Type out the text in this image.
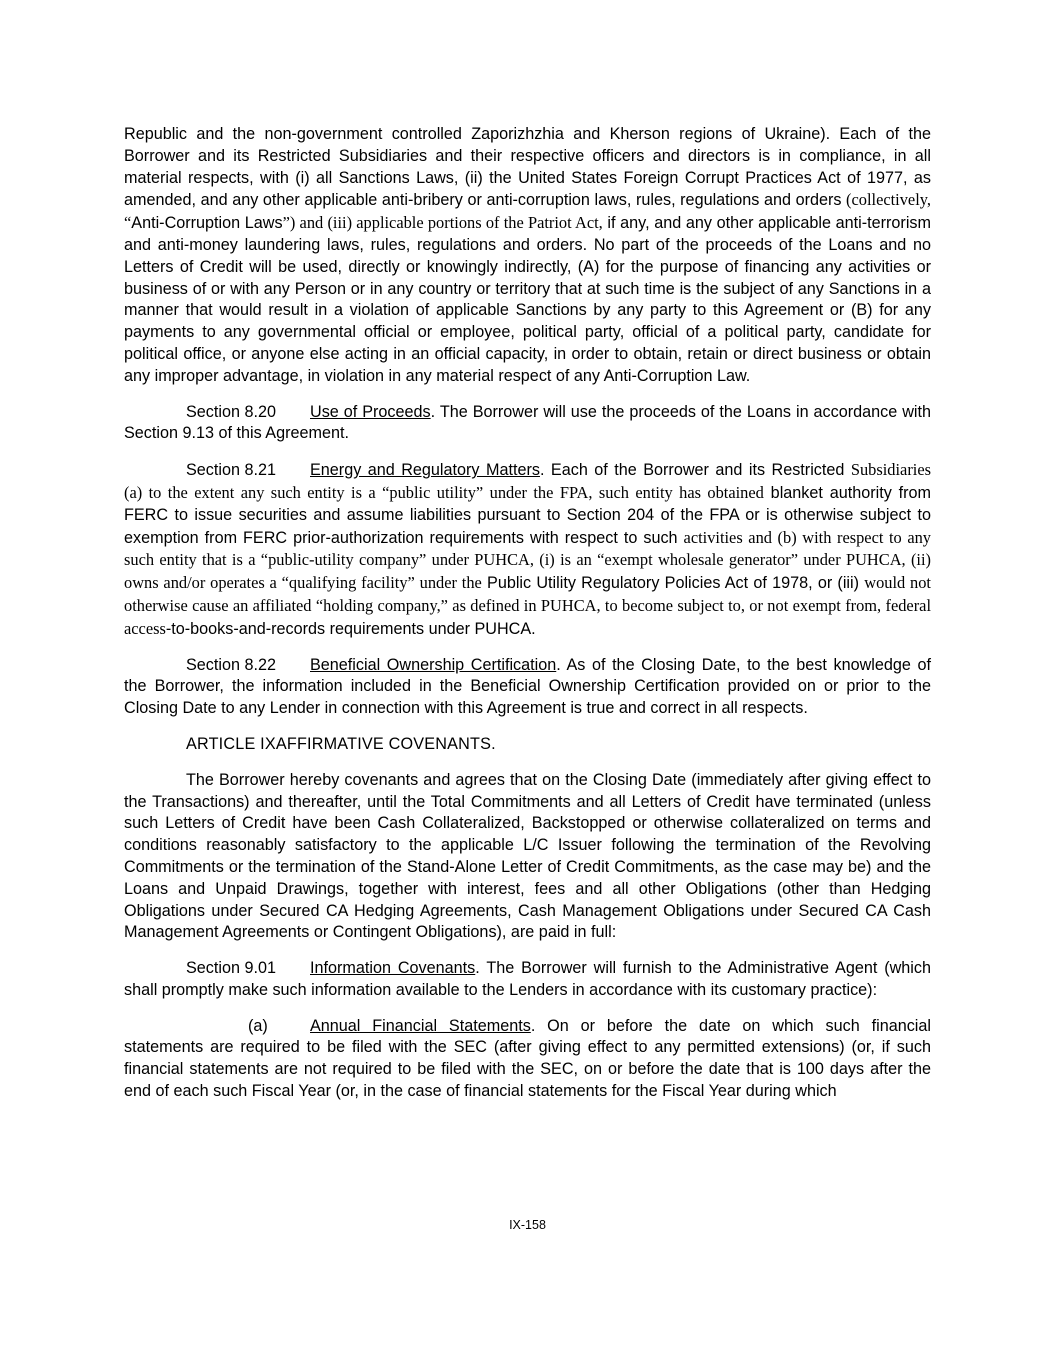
Republic and the non-government controlled Zaporizhzhia and Kherson regions of Ukraine). Each of the Borrower and its Restricted Subsidiaries and their respective officers and directors is in compliance, in all material respects, with (i) all Sanctions Laws, (ii) the United States Foreign Corrupt Practices Act of 1977, as amended, and any other applicable anti-bribery or anti-corruption laws, rules, regulations and orders (collectively, “Anti-Corruption Laws”) and (iii) applicable portions of the Patriot Act, if any, and any other applicable anti-terrorism and anti-money laundering laws, rules, regulations and orders. No part of the proceeds of the Loans and no Letters of Credit will be used, directly or knowingly indirectly, (A) for the purpose of financing any activities or business of or with any Person or in any country or territory that at such time is the subject of any Sanctions in a manner that would result in a violation of applicable Sanctions by any party to this Agreement or (B) for any payments to any governmental official or employee, political party, official of a political party, candidate for political office, or anyone else acting in an official capacity, in order to obtain, retain or direct business or obtain any improper advantage, in violation in any material respect of any Anti-Corruption Law.

Section 8.20 Use of Proceeds. The Borrower will use the proceeds of the Loans in accordance with Section 9.13 of this Agreement.

Section 8.21 Energy and Regulatory Matters. Each of the Borrower and its Restricted Subsidiaries (a) to the extent any such entity is a “public utility” under the FPA, such entity has obtained blanket authority from FERC to issue securities and assume liabilities pursuant to Section 204 of the FPA or is otherwise subject to exemption from FERC prior-authorization requirements with respect to such activities and (b) with respect to any such entity that is a “public-utility company” under PUHCA, (i) is an “exempt wholesale generator” under PUHCA, (ii) owns and/or operates a “qualifying facility” under the Public Utility Regulatory Policies Act of 1978, or (iii) would not otherwise cause an affiliated “holding company,” as defined in PUHCA, to become subject to, or not exempt from, federal access-to-books-and-records requirements under PUHCA.

Section 8.22 Beneficial Ownership Certification. As of the Closing Date, to the best knowledge of the Borrower, the information included in the Beneficial Ownership Certification provided on or prior to the Closing Date to any Lender in connection with this Agreement is true and correct in all respects.

ARTICLE IXAFFIRMATIVE COVENANTS.

The Borrower hereby covenants and agrees that on the Closing Date (immediately after giving effect to the Transactions) and thereafter, until the Total Commitments and all Letters of Credit have terminated (unless such Letters of Credit have been Cash Collateralized, Backstopped or otherwise collateralized on terms and conditions reasonably satisfactory to the applicable L/C Issuer following the termination of the Revolving Commitments or the termination of the Stand-Alone Letter of Credit Commitments, as the case may be) and the Loans and Unpaid Drawings, together with interest, fees and all other Obligations (other than Hedging Obligations under Secured CA Hedging Agreements, Cash Management Obligations under Secured CA Cash Management Agreements or Contingent Obligations), are paid in full:

Section 9.01 Information Covenants. The Borrower will furnish to the Administrative Agent (which shall promptly make such information available to the Lenders in accordance with its customary practice):

(a)	Annual Financial Statements. On or before the date on which such financial statements are required to be filed with the SEC (after giving effect to any permitted extensions) (or, if such financial statements are not required to be filed with the SEC, on or before the date that is 100 days after the end of each such Fiscal Year (or, in the case of financial statements for the Fiscal Year during which

IX-158
